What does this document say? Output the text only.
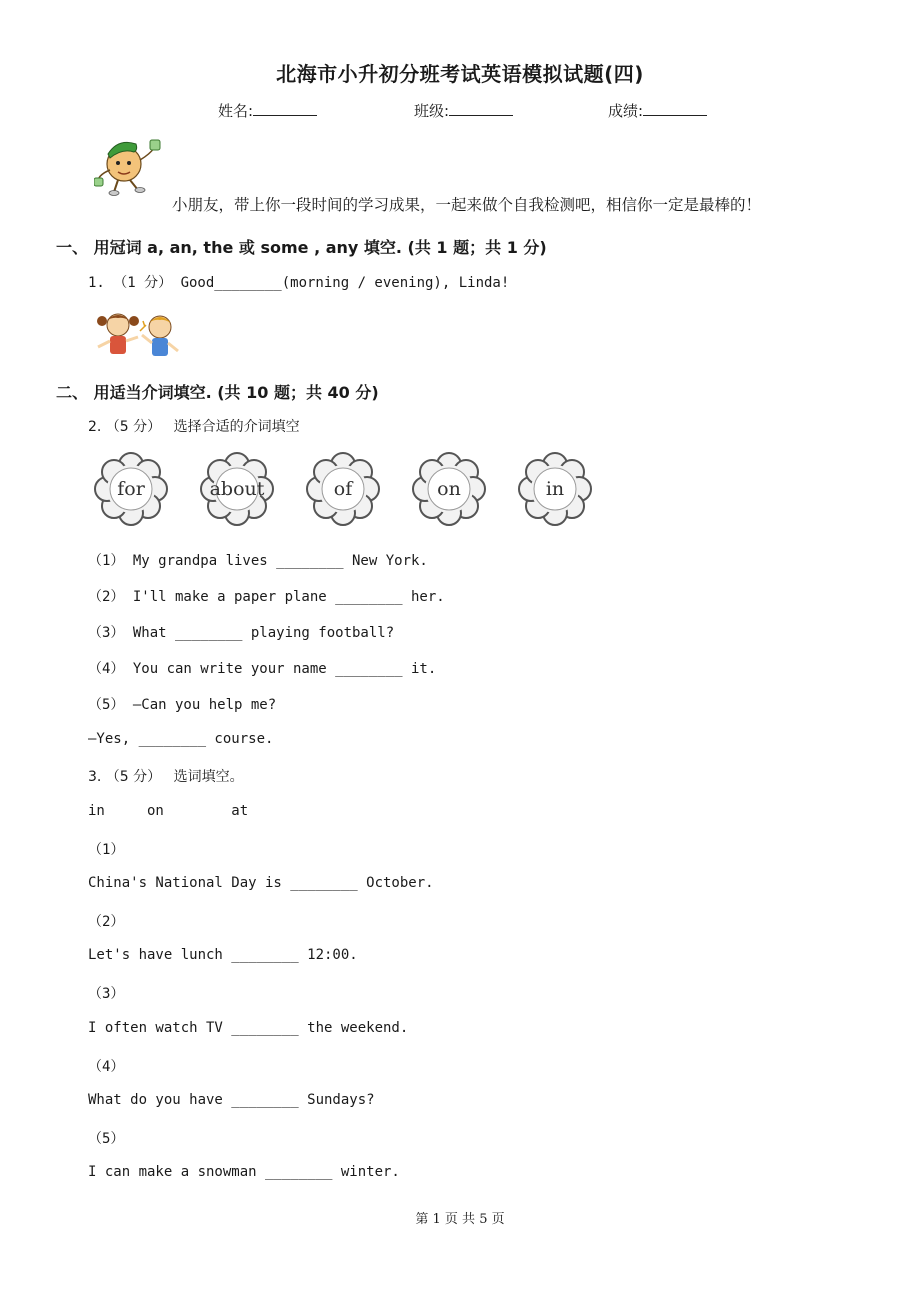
北海市小升初分班考试英语模拟试题(四)
姓名:	班级:	成绩:
小朋友，带上你一段时间的学习成果，一起来做个自我检测吧，相信你一定是最棒的！
一、 用冠词 a, an, the 或 some , any 填空. (共 1 题；共 1 分)
1. （1 分） Good________(morning / evening), Linda!
二、 用适当介词填空. (共 10 题；共 40 分)
2. （5 分） 选择合适的介词填空
for	about	of	on	in
（1） My grandpa lives ________ New York.
（2） I'll make a paper plane ________ her.
（3） What ________ playing football?
（4） You can write your name ________ it.
（5） —Can you help me?
—Yes, ________ course.
3. （5 分） 选词填空。
in     on        at
（1）
China's National Day is ________ October.
（2）
Let's have lunch ________ 12:00.
（3）
I often watch TV ________ the weekend.
（4）
What do you have ________ Sundays?
（5）
I can make a snowman ________ winter.
第 1 页 共 5 页
